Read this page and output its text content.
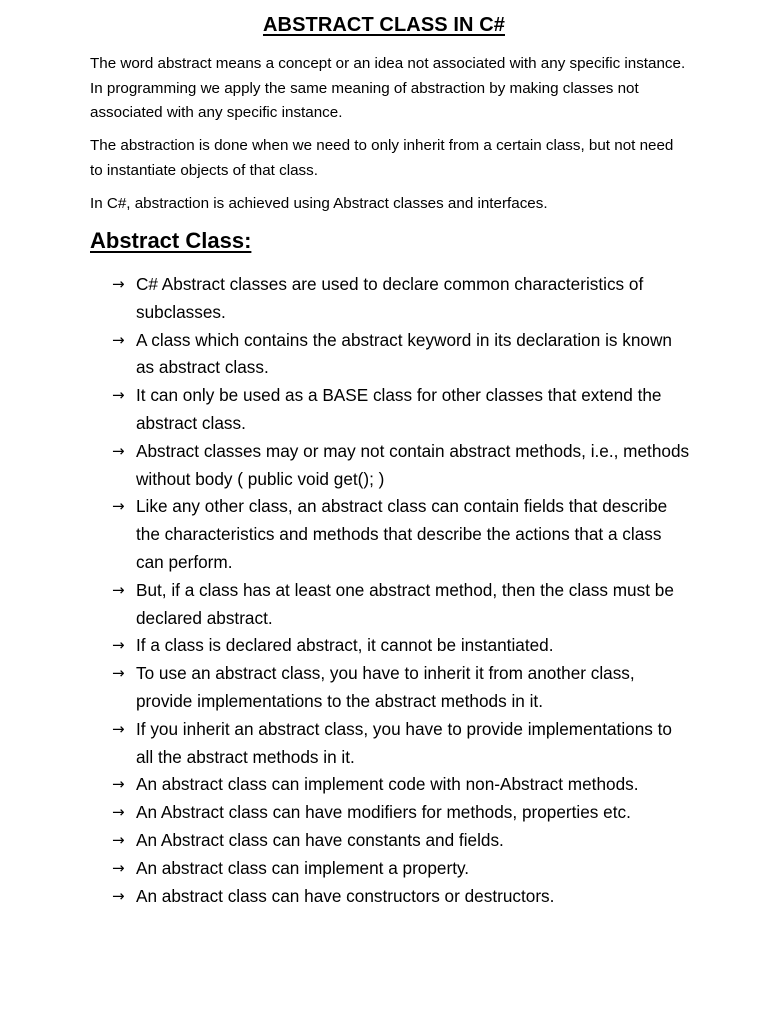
ABSTRACT CLASS IN C#

The word abstract means a concept or an idea not associated with any specific instance. In programming we apply the same meaning of abstraction by making classes not associated with any specific instance.

The abstraction is done when we need to only inherit from a certain class, but not need to instantiate objects of that class.

In C#, abstraction is achieved using Abstract classes and interfaces.

Abstract Class:
→ C# Abstract classes are used to declare common characteristics of subclasses.
→ A class which contains the abstract keyword in its declaration is known as abstract class.
→ It can only be used as a BASE class for other classes that extend the abstract class.
→ Abstract classes may or may not contain abstract methods, i.e., methods without body ( public void get(); )
→ Like any other class, an abstract class can contain fields that describe the characteristics and methods that describe the actions that a class can perform.
→ But, if a class has at least one abstract method, then the class must be declared abstract.
→ If a class is declared abstract, it cannot be instantiated.
→ To use an abstract class, you have to inherit it from another class, provide implementations to the abstract methods in it.
→ If you inherit an abstract class, you have to provide implementations to all the abstract methods in it.
→ An abstract class can implement code with non-Abstract methods.
→ An Abstract class can have modifiers for methods, properties etc.
→ An Abstract class can have constants and fields.
→ An abstract class can implement a property.
→ An abstract class can have constructors or destructors.
